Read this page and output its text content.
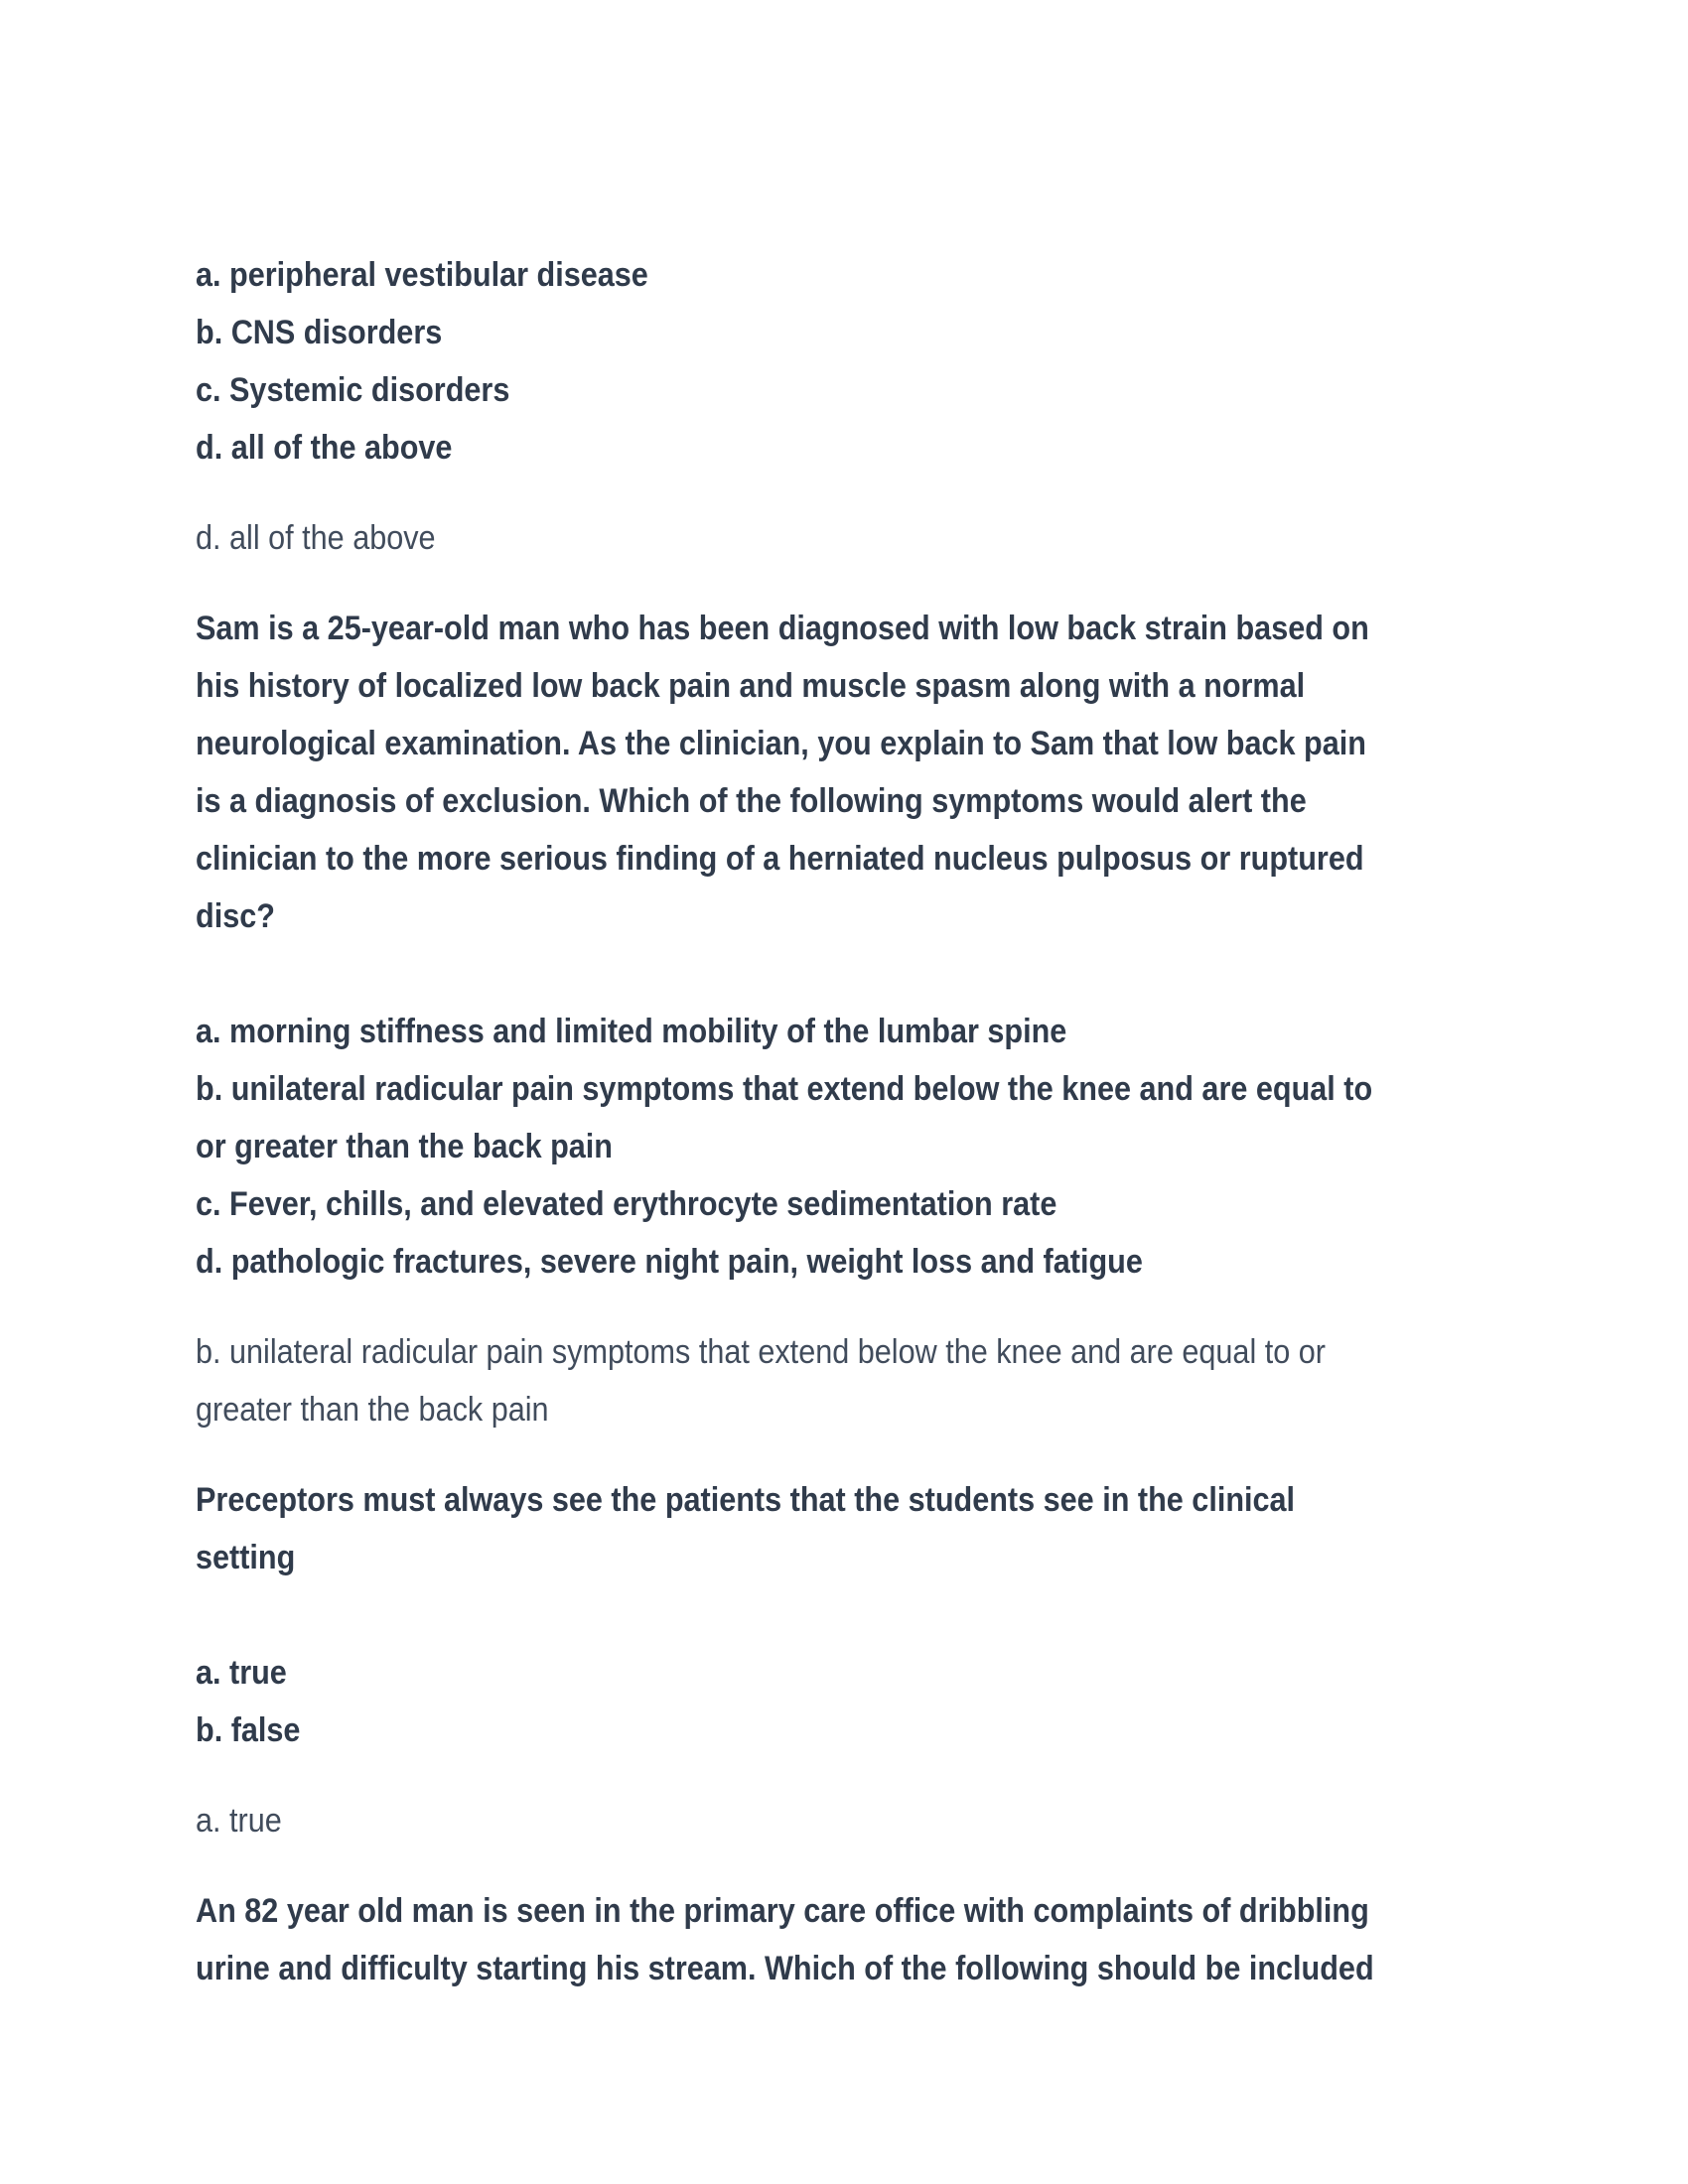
a. peripheral vestibular disease
b. CNS disorders
c. Systemic disorders
d. all of the above
d. all of the above
Sam is a 25-year-old man who has been diagnosed with low back strain based on
his history of localized low back pain and muscle spasm along with a normal
neurological examination. As the clinician, you explain to Sam that low back pain
is a diagnosis of exclusion. Which of the following symptoms would alert the
clinician to the more serious finding of a herniated nucleus pulposus or ruptured
disc?
a. morning stiffness and limited mobility of the lumbar spine
b. unilateral radicular pain symptoms that extend below the knee and are equal to
or greater than the back pain
c. Fever, chills, and elevated erythrocyte sedimentation rate
d. pathologic fractures, severe night pain, weight loss and fatigue
b. unilateral radicular pain symptoms that extend below the knee and are equal to or
greater than the back pain
Preceptors must always see the patients that the students see in the clinical
setting
a. true
b. false
a. true
An 82 year old man is seen in the primary care office with complaints of dribbling
urine and difficulty starting his stream. Which of the following should be included
